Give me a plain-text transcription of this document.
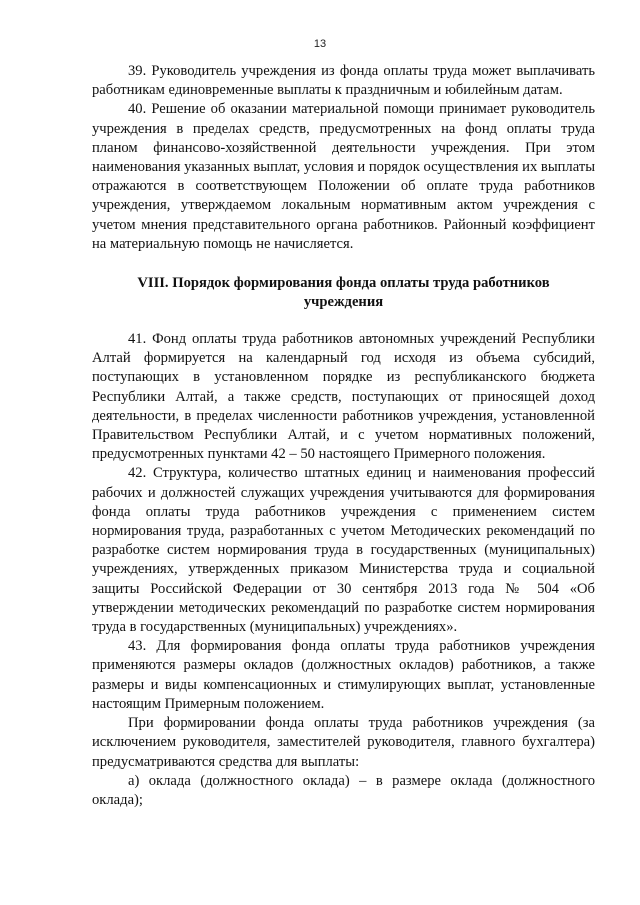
13

39. Руководитель учреждения из фонда оплаты труда может выплачивать работникам единовременные выплаты к праздничным и юбилейным датам.

40. Решение об оказании материальной помощи принимает руководитель учреждения в пределах средств, предусмотренных на фонд оплаты труда планом финансово-хозяйственной деятельности учреждения. При этом наименования указанных выплат, условия и порядок осуществления их выплаты отражаются в соответствующем Положении об оплате труда работников учреждения, утверждаемом локальным нормативным актом учреждения с учетом мнения представительного органа работников. Районный коэффициент на материальную помощь не начисляется.

VIII. Порядок формирования фонда оплаты труда работников
учреждения

41. Фонд оплаты труда работников автономных учреждений Республики Алтай формируется на календарный год исходя из объема субсидий, поступающих в установленном порядке из республиканского бюджета Республики Алтай, а также средств, поступающих от приносящей доход деятельности, в пределах численности работников учреждения, установленной Правительством Республики Алтай, и с учетом нормативных положений, предусмотренных пунктами 42 – 50 настоящего Примерного положения.

42. Структура, количество штатных единиц и наименования профессий рабочих и должностей служащих учреждения учитываются для формирования фонда оплаты труда работников учреждения с применением систем нормирования труда, разработанных с учетом Методических рекомендаций по разработке систем нормирования труда в государственных (муниципальных) учреждениях, утвержденных приказом Министерства труда и социальной защиты Российской Федерации от 30 сентября 2013 года № 504 «Об утверждении методических рекомендаций по разработке систем нормирования труда в государственных (муниципальных) учреждениях».

43. Для формирования фонда оплаты труда работников учреждения применяются размеры окладов (должностных окладов) работников, а также размеры и виды компенсационных и стимулирующих выплат, установленные настоящим Примерным положением.

При формировании фонда оплаты труда работников учреждения (за исключением руководителя, заместителей руководителя, главного бухгалтера) предусматриваются средства для выплаты:

а) оклада (должностного оклада) – в размере оклада (должностного оклада);
